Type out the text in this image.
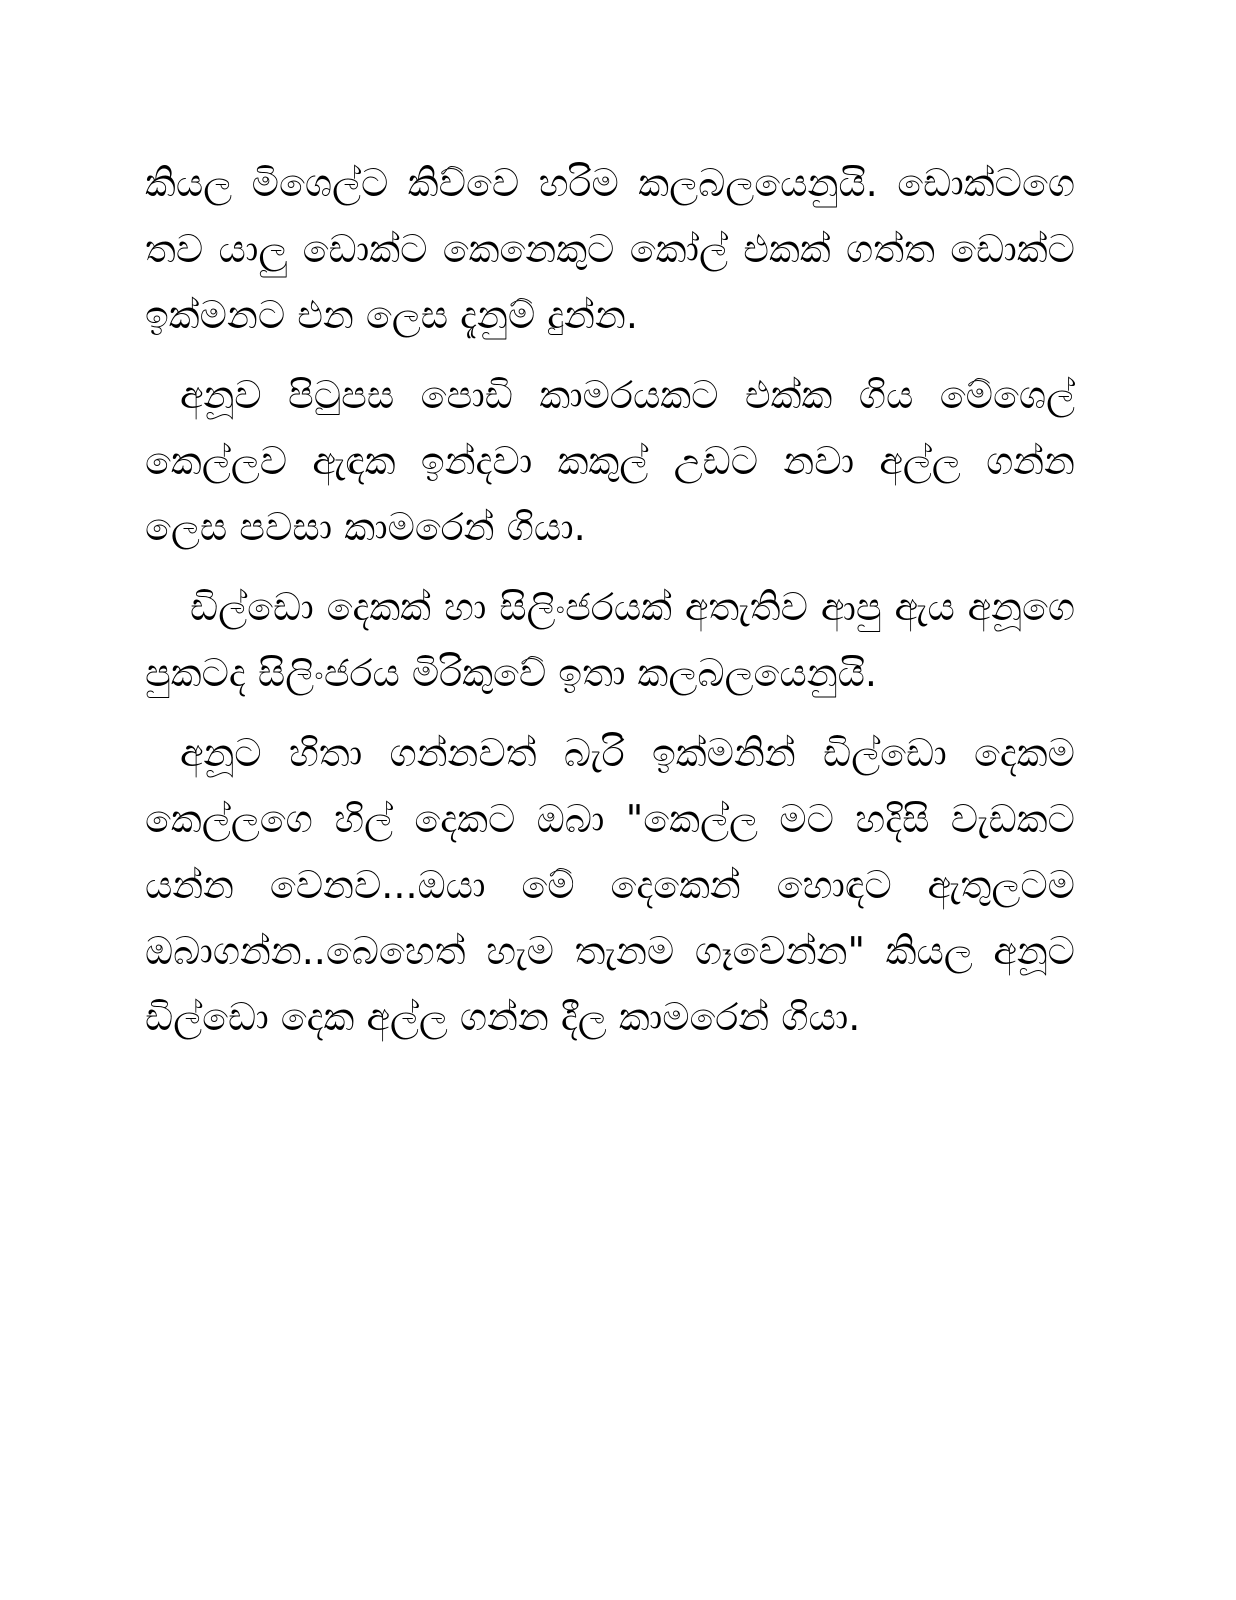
කියල මිශෙල්ට කිව්වෙ හරිම කලබලයෙනුයි. ඩොක්ටගෙ තව යාලු ඩොක්ට කෙනෙකුට කෝල් එකක් ගත්ත ඩොක්ට ඉක්මනට එන ලෙස දැනුම් දුන්න.

අනූව පිටුපස පොඩි කාමරයකට එක්ක ගිය මේශෙල් කෙල්ලව ඇඳක ඉන්දවා කකුල් උඩට නවා අල්ල ගන්න ලෙස පවසා කාමරෙන් ගියා.

ඩිල්ඩො දෙකක් හා සිලිංජරයක් අතැතිව ආපු ඇය අනූගෙ පුකටද සිලිංජරය මිරිකුවේ ඉතා කලබලයෙනුයි.

අනූට හිතා ගන්නවත් බැරි ඉක්මනින් ඩිල්ඩො දෙකම කෙල්ලගෙ හිල් දෙකට ඔබා "කෙල්ල මට හදිසි වැඩකට යන්න වෙනව...ඔයා මේ දෙකෙන් හොඳට ඇතුලටම ඔබාගන්න..බෙහෙත් හැම තැනම ගෑවෙන්න" කියල අනූට ඩිල්ඩො දෙක අල්ල ගන්න දීල කාමරෙන් ගියා.
